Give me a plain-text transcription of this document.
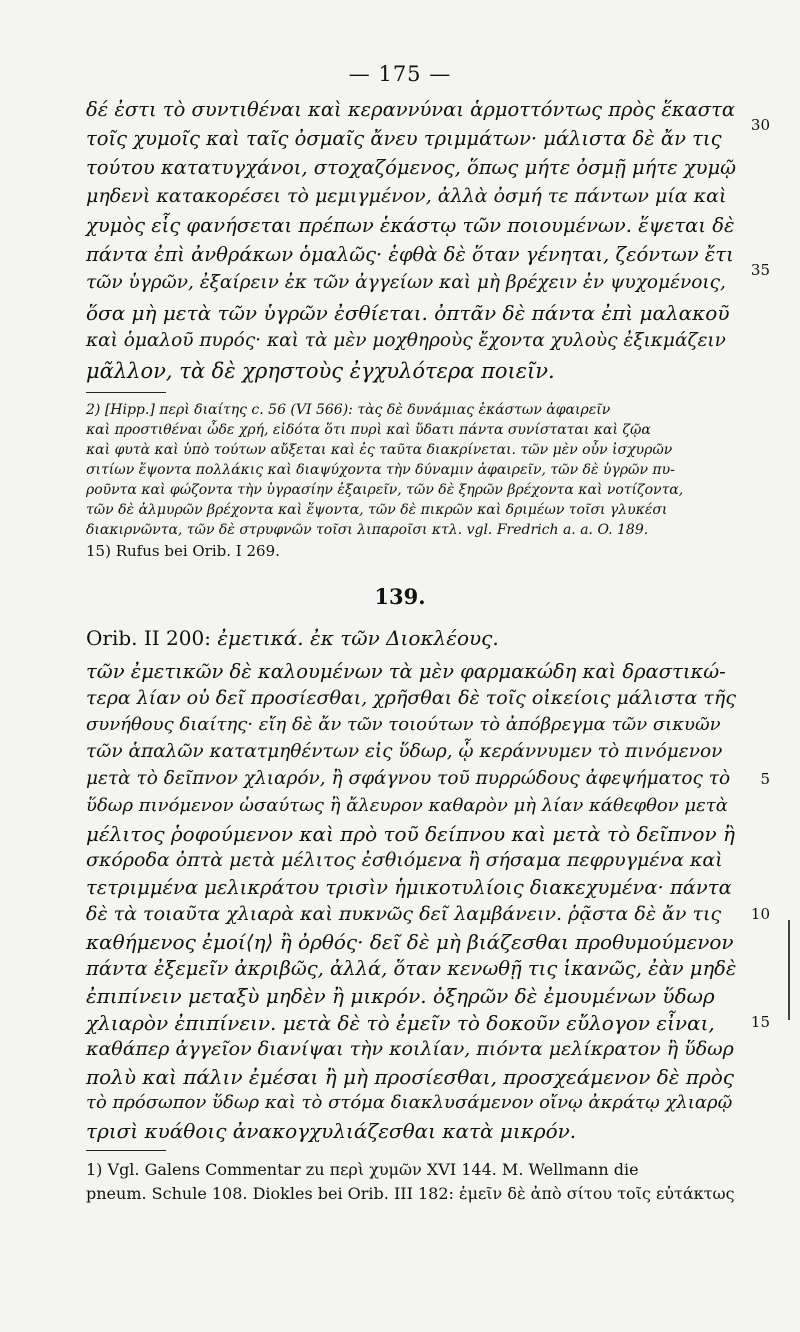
— 175 —
δέ ἐστι τὸ συντιθέναι καὶ κεραννύναι ἁρμοττόντως πρὸς ἕκαστα
τοῖς χυμοῖς καὶ ταῖς ὀσμαῖς ἄνευ τριμμάτων· μάλιστα δὲ ἄν τις
τούτου κατατυγχάνοι, στοχαζόμενος, ὅπως μήτε ὀσμῇ μήτε χυμῷ
μηδενὶ κατακορέσει τὸ μεμιγμένον, ἀλλὰ ὀσμή τε πάντων μία καὶ
χυμὸς εἷς φανήσεται πρέπων ἑκάστῳ τῶν ποιουμένων. ἕψεται δὲ
πάντα ἐπὶ ἀνθράκων ὁμαλῶς· ἑφθὰ δὲ ὅταν γένηται, ζεόντων ἔτι
τῶν ὑγρῶν, ἐξαίρειν ἐκ τῶν ἀγγείων καὶ μὴ βρέχειν ἐν ψυχομένοις,
ὅσα μὴ μετὰ τῶν ὑγρῶν ἐσθίεται. ὀπτᾶν δὲ πάντα ἐπὶ μαλακοῦ
καὶ ὁμαλοῦ πυρός· καὶ τὰ μὲν μοχθηροὺς ἔχοντα χυλοὺς ἐξικμάζειν
μᾶλλον, τὰ δὲ χρηστοὺς ἐγχυλότερα ποιεῖν.
30
35
2) [Hipp.] περὶ διαίτης c. 56 (VI 566): τὰς δὲ δυνάμιας ἑκάστων ἀφαιρεῖν
καὶ προστιθέναι ὧδε χρή, εἰδότα ὅτι πυρὶ καὶ ὕδατι πάντα συνίσταται καὶ ζῷα
καὶ φυτὰ καὶ ὑπὸ τούτων αὔξεται καὶ ἐς ταῦτα διακρίνεται. τῶν μὲν οὖν ἰσχυρῶν
σιτίων ἕψοντα πολλάκις καὶ διαψύχοντα τὴν δύναμιν ἀφαιρεῖν, τῶν δὲ ὑγρῶν πυ-
ροῦντα καὶ φώζοντα τὴν ὑγρασίην ἐξαιρεῖν, τῶν δὲ ξηρῶν βρέχοντα καὶ νοτίζοντα,
τῶν δὲ ἁλμυρῶν βρέχοντα καὶ ἕψοντα, τῶν δὲ πικρῶν καὶ δριμέων τοῖσι γλυκέσι
διακιρνῶντα, τῶν δὲ στρυφνῶν τοῖσι λιπαροῖσι κτλ. vgl. Fredrich a. a. O. 189.
15) Rufus bei Orib. I 269.
139.
Orib. II 200: ἐμετικά. ἐκ τῶν Διοκλέους.
τῶν ἐμετικῶν δὲ καλουμένων τὰ μὲν φαρμακώδη καὶ δραστικώ-
τερα λίαν οὐ δεῖ προσίεσθαι, χρῆσθαι δὲ τοῖς οἰκείοις μάλιστα τῆς
συνήθους διαίτης· εἴη δὲ ἄν τῶν τοιούτων τὸ ἀπόβρεγμα τῶν σικυῶν
τῶν ἁπαλῶν κατατμηθέντων εἰς ὕδωρ, ᾧ κεράννυμεν τὸ πινόμενον
μετὰ τὸ δεῖπνον χλιαρόν, ἢ σφάγνου τοῦ πυρρώδους ἀφεψήματος τὸ
ὕδωρ πινόμενον ὡσαύτως ἢ ἄλευρον καθαρὸν μὴ λίαν κάθεφθον μετὰ
μέλιτος ῥοφούμενον καὶ πρὸ τοῦ δείπνου καὶ μετὰ τὸ δεῖπνον ἢ
σκόροδα ὀπτὰ μετὰ μέλιτος ἐσθιόμενα ἢ σήσαμα πεφρυγμένα καὶ
τετριμμένα μελικράτου τρισὶν ἡμικοτυλίοις διακεχυμένα· πάντα
δὲ τὰ τοιαῦτα χλιαρὰ καὶ πυκνῶς δεῖ λαμβάνειν. ῥᾷστα δὲ ἄν τις
καθήμενος ἐμοί⟨η⟩ ἢ ὀρθός· δεῖ δὲ μὴ βιάζεσθαι προθυμούμενον
πάντα ἐξεμεῖν ἀκριβῶς, ἀλλά, ὅταν κενωθῇ τις ἱκανῶς, ἐὰν μηδὲ
ἐπιπίνειν μεταξὺ μηδὲν ἢ μικρόν. ὀξηρῶν δὲ ἐμουμένων ὕδωρ
χλιαρὸν ἐπιπίνειν. μετὰ δὲ τὸ ἐμεῖν τὸ δοκοῦν εὔλογον εἶναι,
καθάπερ ἀγγεῖον διανίψαι τὴν κοιλίαν, πιόντα μελίκρατον ἢ ὕδωρ
πολὺ καὶ πάλιν ἐμέσαι ἢ μὴ προσίεσθαι, προσχεάμενον δὲ πρὸς
τὸ πρόσωπον ὕδωρ καὶ τὸ στόμα διακλυσάμενον οἴνῳ ἀκράτῳ χλιαρῷ
τρισὶ κυάθοις ἀνακογχυλιάζεσθαι κατὰ μικρόν.
5
10
15
1) Vgl. Galens Commentar zu περὶ χυμῶν XVI 144. M. Wellmann die
pneum. Schule 108. Diokles bei Orib. III 182: ἐμεῖν δὲ ἀπὸ σίτου τοῖς εὐτάκτως
